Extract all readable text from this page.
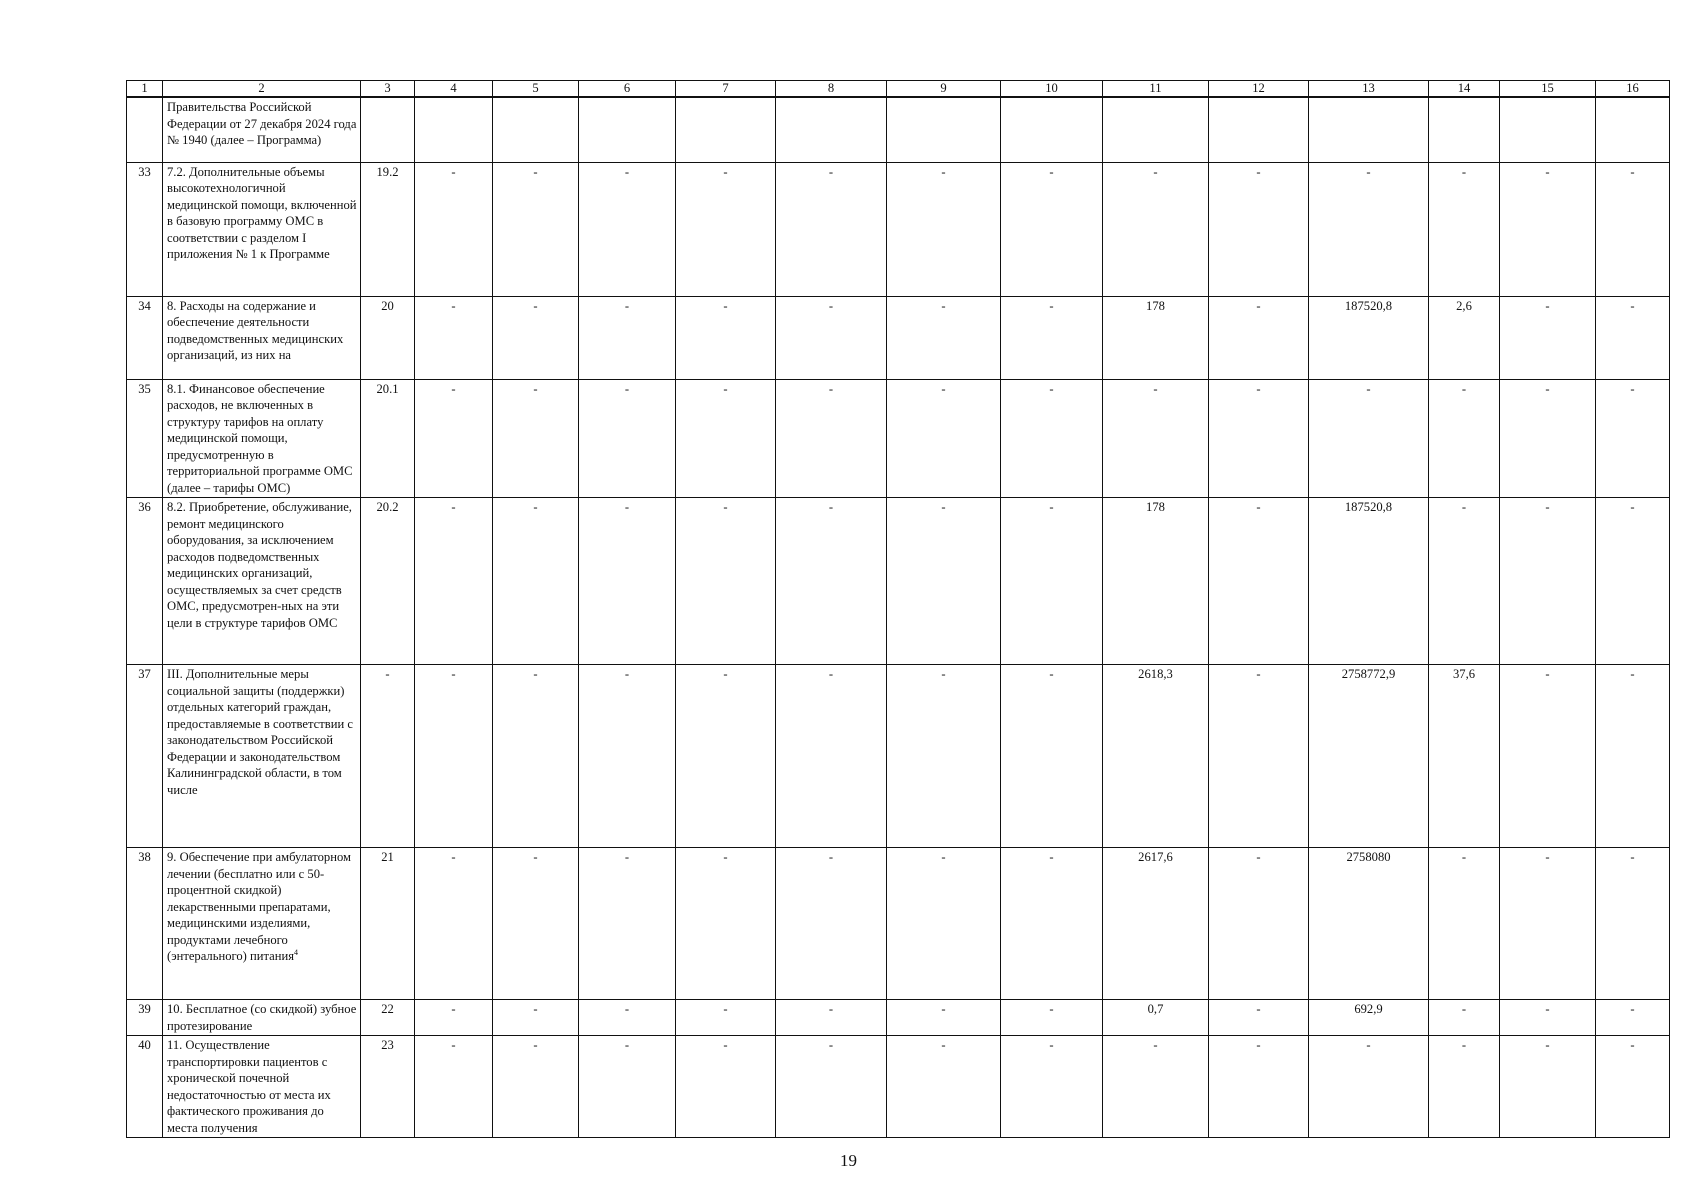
1	2	3	4	5	6	7	8	9	10	11	12	13	14	15	16
	Правительства Российской Федерации от 27 декабря 2024 года № 1940 (далее – Программа)														
33	7.2. Дополнительные объемы высокотехнологичной медицинской помощи, включенной в базовую программу ОМС в соответствии с разделом I приложения № 1 к Программе	19.2	-	-	-	-	-	-	-	-	-	-	-	-	-
34	8. Расходы на содержание и обеспечение деятельности подведомственных медицинских организаций, из них на	20	-	-	-	-	-	-	-	178	-	187520,8	2,6	-	-
35	8.1. Финансовое обеспечение расходов, не включенных в структуру тарифов на оплату медицинской помощи, предусмотренную в территориальной программе ОМС (далее – тарифы ОМС)	20.1	-	-	-	-	-	-	-	-	-	-	-	-	-
36	8.2. Приобретение, обслуживание, ремонт медицинского оборудования, за исключением расходов подведомственных медицинских организаций, осуществляемых за счет средств ОМС, предусмотрен-ных на эти цели в структуре тарифов ОМС	20.2	-	-	-	-	-	-	-	178	-	187520,8	-	-	-
37	III. Дополнительные меры социальной защиты (поддержки) отдельных категорий граждан, предоставляемые в соответствии с законодательством Российской Федерации и законодательством Калининградской области, в том числе	-	-	-	-	-	-	-	-	2618,3	-	2758772,9	37,6	-	-
38	9. Обеспечение при амбулаторном лечении (бесплатно или с 50-процентной скидкой) лекарственными препаратами, медицинскими изделиями, продуктами лечебного (энтерального) питания$^4$	21	-	-	-	-	-	-	-	2617,6	-	2758080	-	-	-
39	10. Бесплатное (со скидкой) зубное протезирование	22	-	-	-	-	-	-	-	0,7	-	692,9	-	-	-
40	11. Осуществление транспортировки пациентов с хронической почечной недостаточностью от места их фактического проживания до места получения	23	-	-	-	-	-	-	-	-	-	-	-	-	-
19
